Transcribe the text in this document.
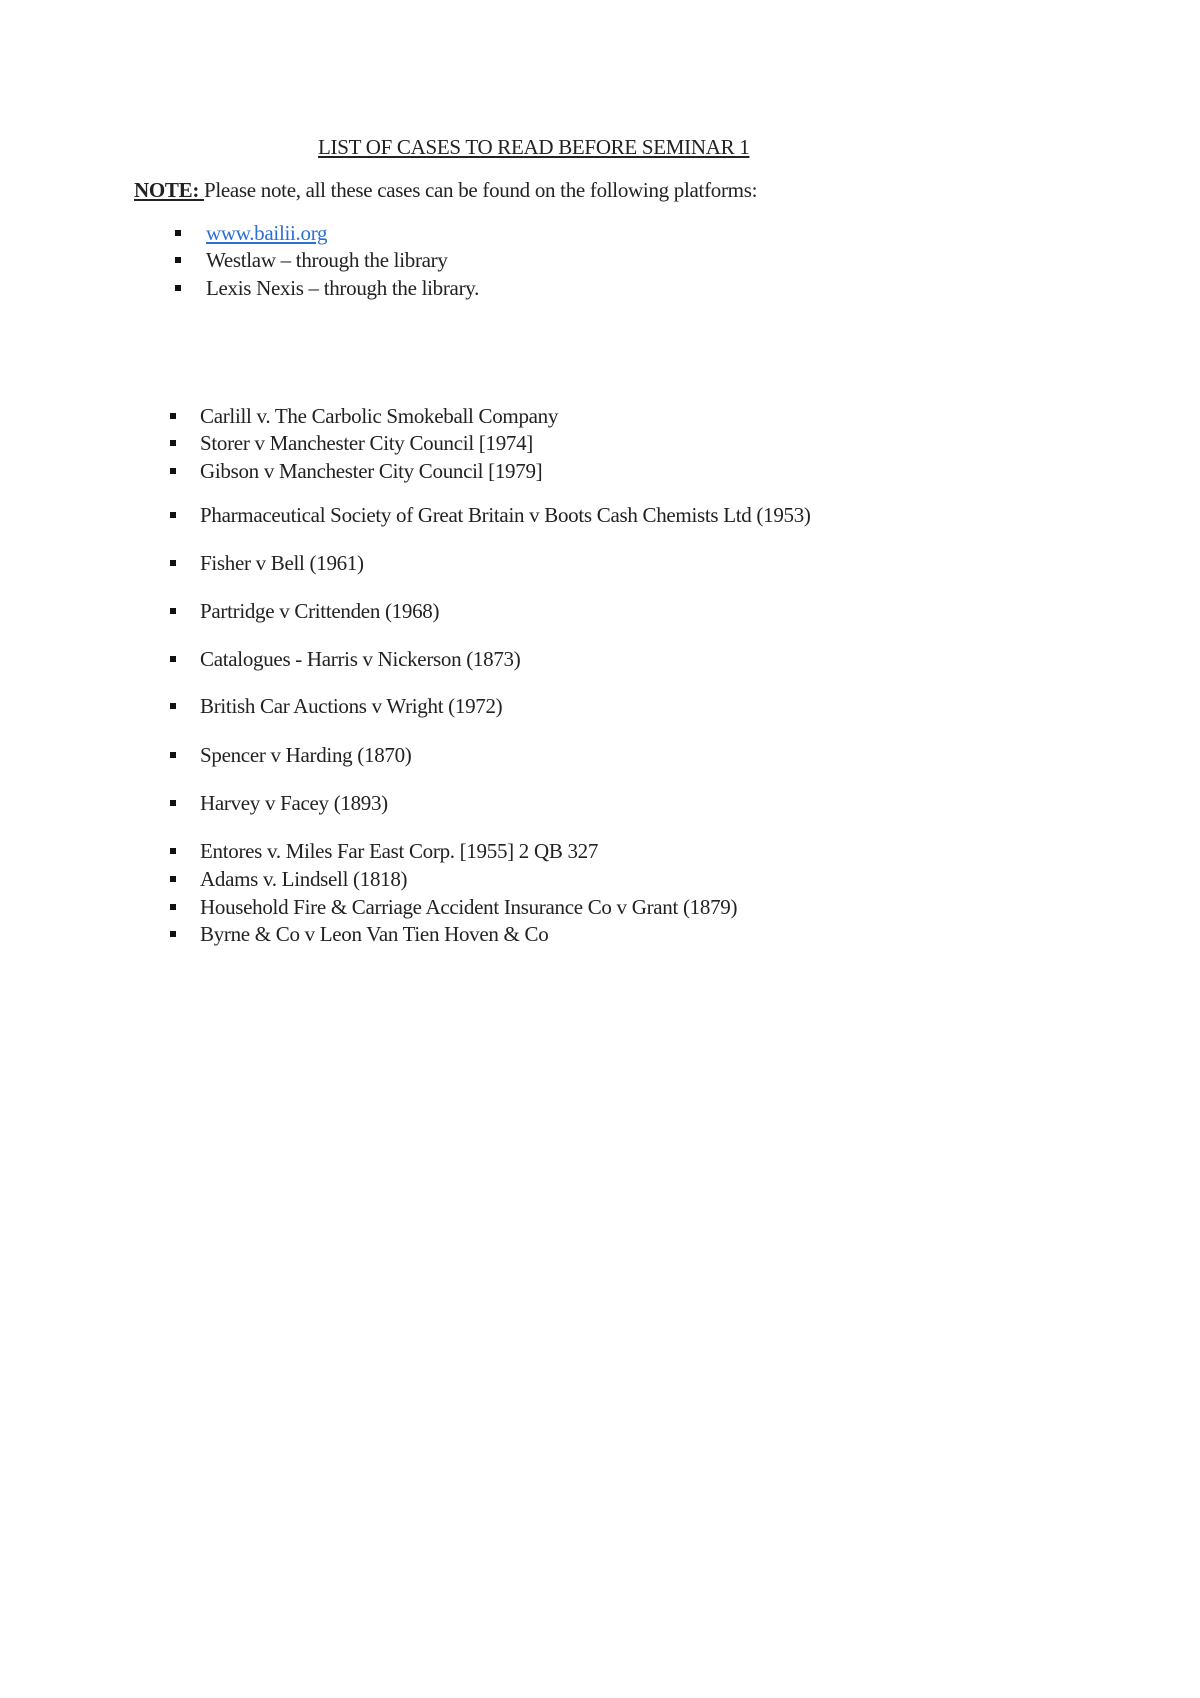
LIST OF CASES TO READ BEFORE SEMINAR 1
NOTE: Please note, all these cases can be found on the following platforms:
www.bailii.org
Westlaw – through the library
Lexis Nexis – through the library.
Carlill v. The Carbolic Smokeball Company
Storer v Manchester City Council [1974]
Gibson v Manchester City Council [1979]
Pharmaceutical Society of Great Britain v Boots Cash Chemists Ltd (1953)
Fisher v Bell (1961)
Partridge v Crittenden (1968)
Catalogues - Harris v Nickerson (1873)
British Car Auctions v Wright (1972)
Spencer v Harding (1870)
Harvey v Facey (1893)
Entores v. Miles Far East Corp. [1955] 2 QB 327
Adams v. Lindsell (1818)
Household Fire & Carriage Accident Insurance Co v Grant (1879)
Byrne & Co v Leon Van Tien Hoven & Co
